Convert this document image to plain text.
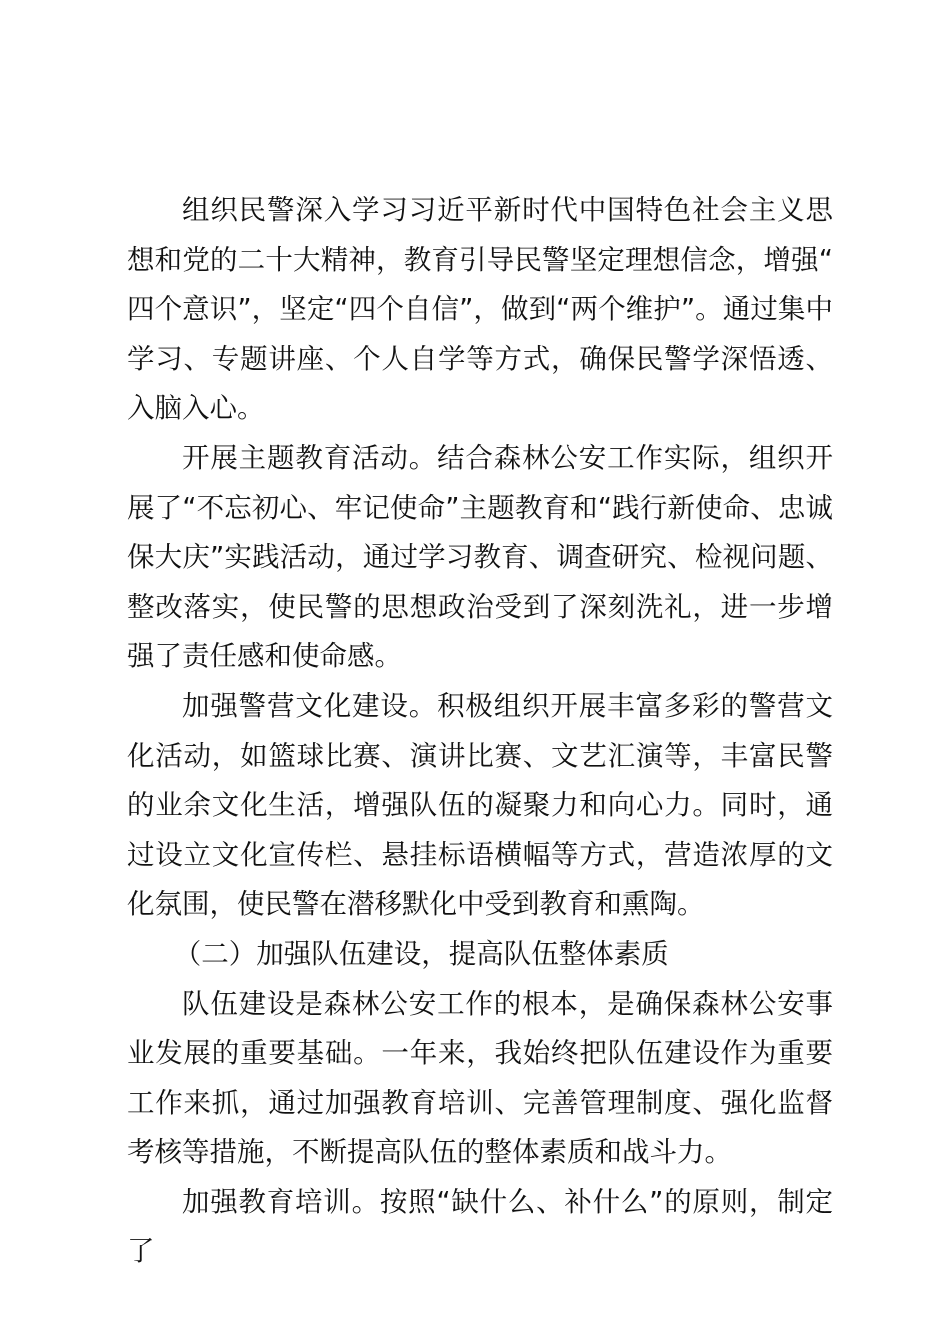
组织民警深入学习习近平新时代中国特色社会主义思想和党的二十大精神，教育引导民警坚定理想信念，增强“四个意识”，坚定“四个自信”，做到“两个维护”。通过集中学习、专题讲座、个人自学等方式，确保民警学深悟透、入脑入心。

开展主题教育活动。结合森林公安工作实际，组织开展了“不忘初心、牢记使命”主题教育和“践行新使命、忠诚保大庆”实践活动，通过学习教育、调查研究、检视问题、整改落实，使民警的思想政治受到了深刻洗礼，进一步增强了责任感和使命感。

加强警营文化建设。积极组织开展丰富多彩的警营文化活动，如篮球比赛、演讲比赛、文艺汇演等，丰富民警的业余文化生活，增强队伍的凝聚力和向心力。同时，通过设立文化宣传栏、悬挂标语横幅等方式，营造浓厚的文化氛围，使民警在潜移默化中受到教育和熏陶。

（二）加强队伍建设，提高队伍整体素质

队伍建设是森林公安工作的根本，是确保森林公安事业发展的重要基础。一年来，我始终把队伍建设作为重要工作来抓，通过加强教育培训、完善管理制度、强化监督考核等措施，不断提高队伍的整体素质和战斗力。

加强教育培训。按照“缺什么、补什么”的原则，制定了
